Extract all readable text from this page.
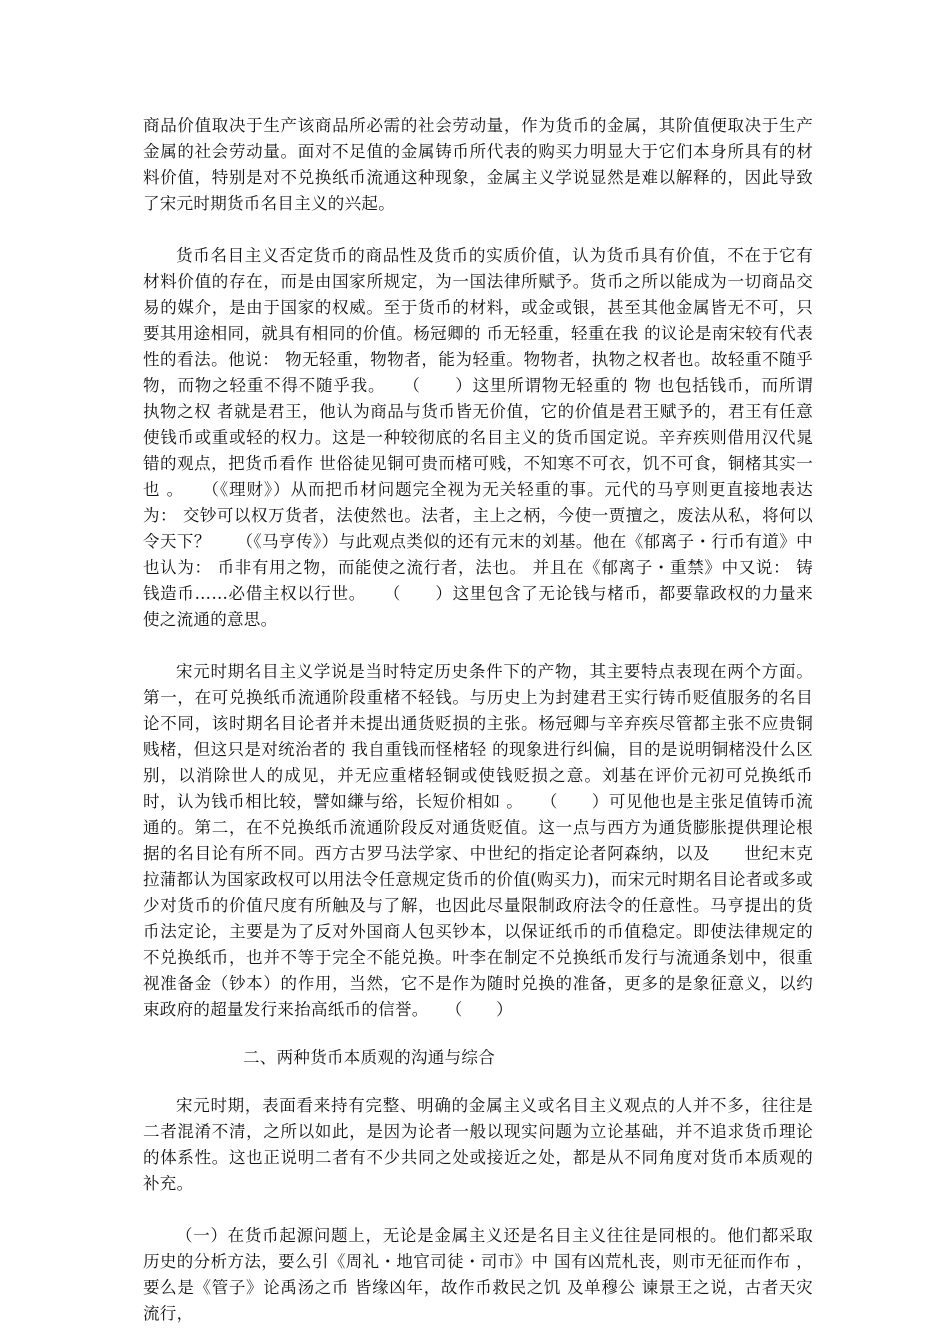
商品价值取决于生产该商品所必需的社会劳动量，作为货币的金属，其阶值便取决于生产金属的社会劳动量。面对不足值的金属铸币所代表的购买力明显大于它们本身所具有的材料价值，特别是对不兑换纸币流通这种现象，金属主义学说显然是难以解释的，因此导致了宋元时期货币名目主义的兴起。

货币名目主义否定货币的商品性及货币的实质价值，认为货币具有价值，不在于它有材料价值的存在，而是由国家所规定，为一国法律所赋予。货币之所以能成为一切商品交易的媒介，是由于国家的权威。至于货币的材料，或金或银，甚至其他金属皆无不可，只要其用途相同，就具有相同的价值。杨冠卿的 币无轻重，轻重在我 的议论是南宋较有代表性的看法。他说： 物无轻重，物物者，能为轻重。物物者，执物之权者也。故轻重不随乎物，而物之轻重不得不随乎我。　　（　　）这里所谓物无轻重的 物 也包括钱币，而所谓 执物之权 者就是君王，他认为商品与货币皆无价值，它的价值是君王赋予的，君王有任意使钱币或重或轻的权力。这是一种较彻底的名目主义的货币国定说。辛弃疾则借用汉代晁错的观点，把货币看作 世俗徒见铜可贵而楮可贱，不知寒不可衣，饥不可食，铜楮其实一也 。　　（《理财》）从而把币材问题完全视为无关轻重的事。元代的马亨则更直接地表达为： 交钞可以权万货者，法使然也。法者，主上之柄，今使一贾擅之，废法从私，将何以令天下？　　（《马亨传》）与此观点类似的还有元末的刘基。他在《郁离子・行币有道》中也认为： 币非有用之物，而能使之流行者，法也。 并且在《郁离子・重禁》中又说： 铸钱造币……必借主权以行世。　　（　　）这里包含了无论钱与楮币，都要靠政权的力量来使之流通的意思。

宋元时期名目主义学说是当时特定历史条件下的产物，其主要特点表现在两个方面。第一，在可兑换纸币流通阶段重楮不轻钱。与历史上为封建君王实行铸币贬值服务的名目论不同，该时期名目论者并未提出通货贬损的主张。杨冠卿与辛弃疾尽管都主张不应贵铜贱楮，但这只是对统治者的 我自重钱而怪楮轻 的现象进行纠偏，目的是说明铜楮没什么区别，以消除世人的成见，并无应重楮轻铜或使钱贬损之意。刘基在评价元初可兑换纸币时，认为钱币相比较，譬如縑与绤，长短价相如 。　　（　　）可见他也是主张足值铸币流通的。第二，在不兑换纸币流通阶段反对通货贬值。这一点与西方为通货膨胀提供理论根据的名目论有所不同。西方古罗马法学家、中世纪的指定论者阿森纳，以及　　世纪末克拉蒲都认为国家政权可以用法令任意规定货币的价值(购买力)，而宋元时期名目论者或多或少对货币的价值尺度有所触及与了解，也因此尽量限制政府法令的任意性。马亨提出的货币法定论，主要是为了反对外国商人包买钞本，以保证纸币的币值稳定。即使法律规定的不兑换纸币，也并不等于完全不能兑换。叶李在制定不兑换纸币发行与流通条划中，很重视准备金（钞本）的作用，当然，它不是作为随时兑换的准备，更多的是象征意义，以约束政府的超量发行来抬高纸币的信誉。　　（　　）

二、两种货币本质观的沟通与综合

宋元时期，表面看来持有完整、明确的金属主义或名目主义观点的人并不多，往往是二者混淆不清，之所以如此，是因为论者一般以现实问题为立论基础，并不追求货币理论的体系性。这也正说明二者有不少共同之处或接近之处，都是从不同角度对货币本质观的补充。

（一）在货币起源问题上，无论是金属主义还是名目主义往往是同根的。他们都采取历史的分析方法，要么引《周礼・地官司徒・司市》中 国有凶荒札丧，则市无征而作布 ，要么是《管子》论禹汤之币 皆缘凶年，故作币救民之饥 及单穆公 谏景王之说，古者天灾流行，
